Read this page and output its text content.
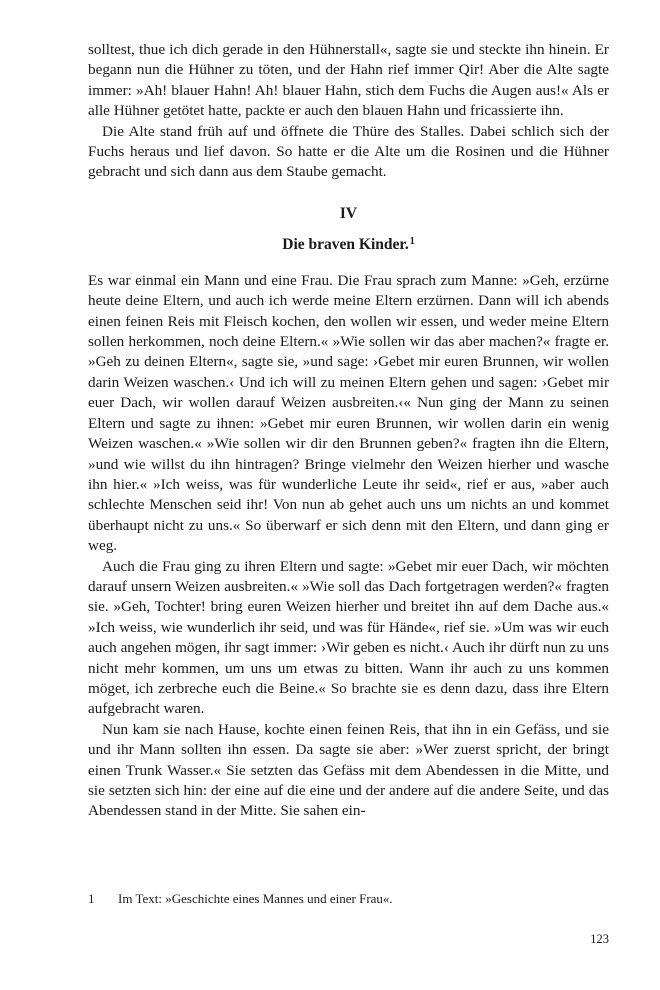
solltest, thue ich dich gerade in den Hühnerstall«, sagte sie und steckte ihn hinein. Er begann nun die Hühner zu töten, und der Hahn rief immer Qir! Aber die Alte sagte immer: »Ah! blauer Hahn! Ah! blauer Hahn, stich dem Fuchs die Augen aus!« Als er alle Hühner getötet hatte, packte er auch den blauen Hahn und fricassierte ihn.

Die Alte stand früh auf und öffnete die Thüre des Stalles. Dabei schlich sich der Fuchs heraus und lief davon. So hatte er die Alte um die Rosinen und die Hühner gebracht und sich dann aus dem Staube gemacht.

IV
Die braven Kinder.$^1$

Es war einmal ein Mann und eine Frau. Die Frau sprach zum Manne: »Geh, erzürne heute deine Eltern, und auch ich werde meine Eltern erzürnen. Dann will ich abends einen feinen Reis mit Fleisch kochen, den wollen wir essen, und weder meine Eltern sollen herkommen, noch deine Eltern.« »Wie sollen wir das aber machen?« fragte er. »Geh zu deinen Eltern«, sagte sie, »und sage: ›Gebet mir euren Brunnen, wir wollen darin Weizen waschen.‹ Und ich will zu meinen Eltern gehen und sagen: ›Gebet mir euer Dach, wir wollen darauf Weizen ausbreiten.‹« Nun ging der Mann zu seinen Eltern und sagte zu ihnen: »Gebet mir euren Brunnen, wir wollen darin ein wenig Weizen waschen.« »Wie sollen wir dir den Brunnen geben?« fragten ihn die Eltern, »und wie willst du ihn hintragen? Bringe vielmehr den Weizen hierher und wasche ihn hier.« »Ich weiss, was für wunderliche Leute ihr seid«, rief er aus, »aber auch schlechte Menschen seid ihr! Von nun ab gehet auch uns um nichts an und kommet überhaupt nicht zu uns.« So überwarf er sich denn mit den Eltern, und dann ging er weg.

Auch die Frau ging zu ihren Eltern und sagte: »Gebet mir euer Dach, wir möchten darauf unsern Weizen ausbreiten.« »Wie soll das Dach fortgetragen werden?« fragten sie. »Geh, Tochter! bring euren Weizen hierher und breitet ihn auf dem Dache aus.« »Ich weiss, wie wunderlich ihr seid, und was für Hände«, rief sie. »Um was wir euch auch angehen mögen, ihr sagt immer: ›Wir geben es nicht.‹ Auch ihr dürft nun zu uns nicht mehr kommen, um uns um etwas zu bitten. Wann ihr auch zu uns kommen möget, ich zerbreche euch die Beine.« So brachte sie es denn dazu, dass ihre Eltern aufgebracht waren.

Nun kam sie nach Hause, kochte einen feinen Reis, that ihn in ein Gefäss, und sie und ihr Mann sollten ihn essen. Da sagte sie aber: »Wer zuerst spricht, der bringt einen Trunk Wasser.« Sie setzten das Gefäss mit dem Abendessen in die Mitte, und sie setzten sich hin: der eine auf die eine und der andere auf die andere Seite, und das Abendessen stand in der Mitte. Sie sahen ein-

1 Im Text: »Geschichte eines Mannes und einer Frau«.
123
